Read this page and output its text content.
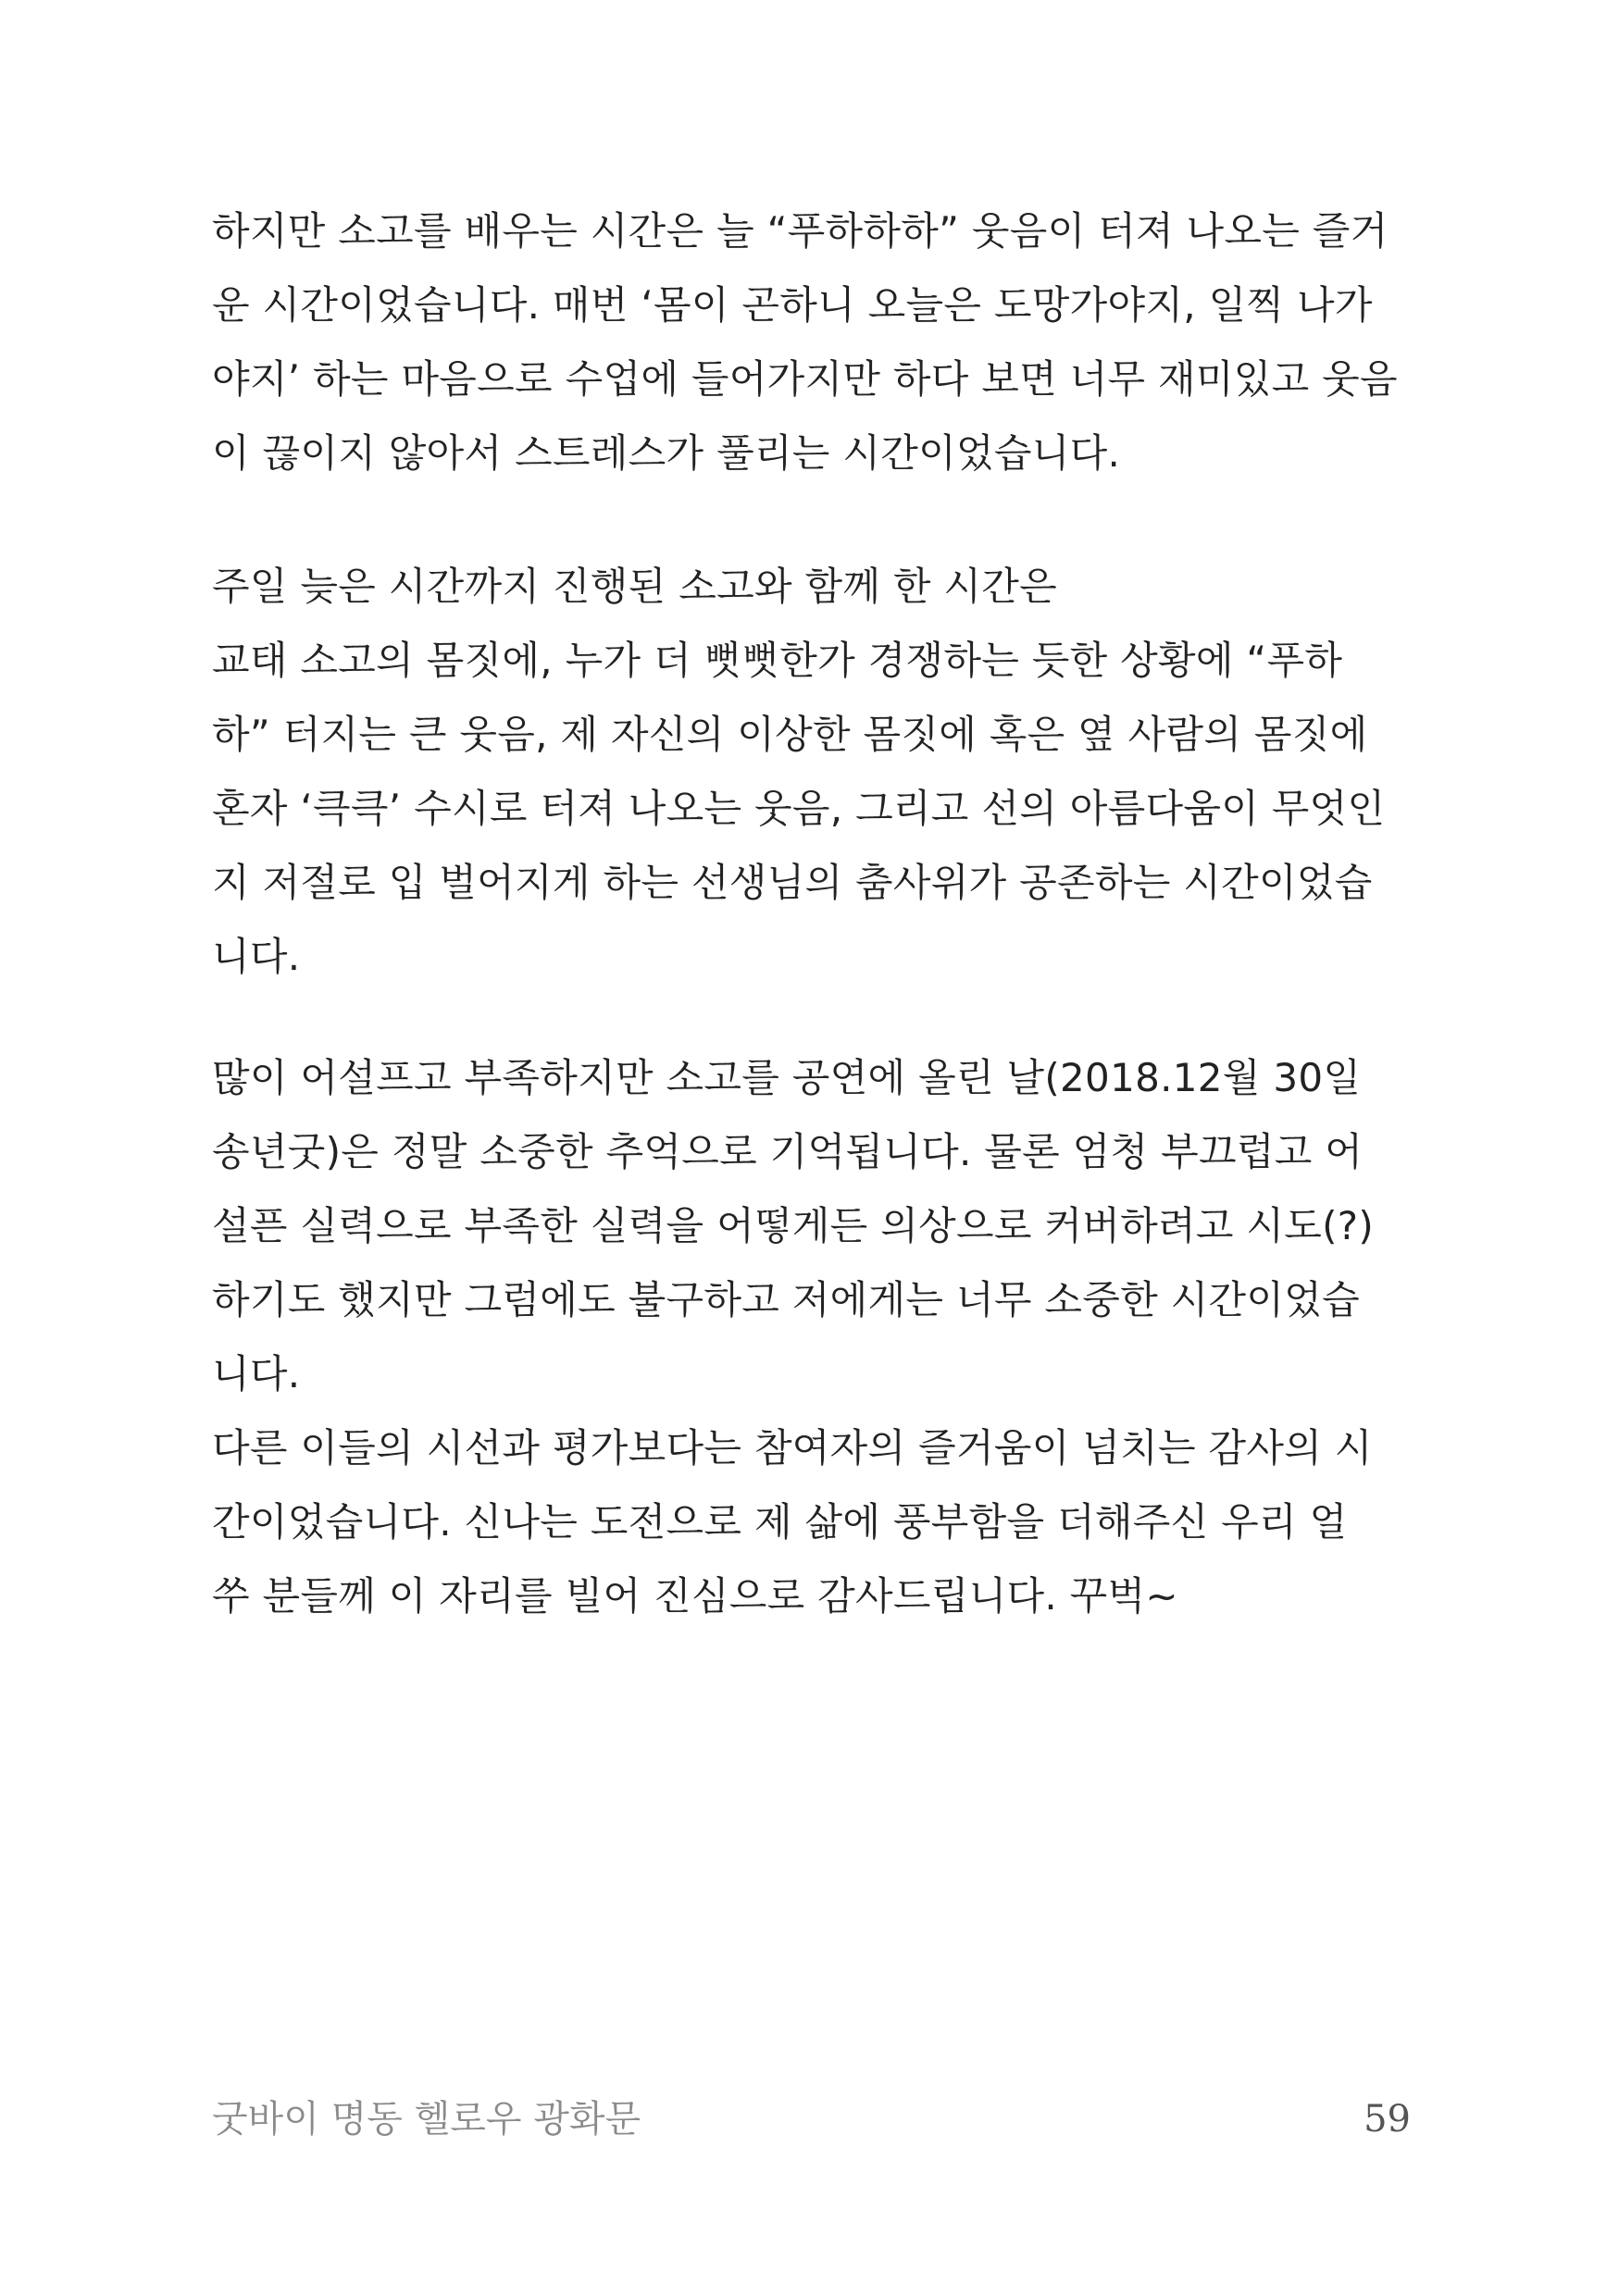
하지만 소고를 배우는 시간은 늘 “푸하하하” 웃음이 터져 나오는 즐거
운 시간이었습니다. 매번 ‘몸이 곤하니 오늘은 도망가야지, 일찍 나가
야지’ 하는 마음으로 수업에 들어가지만 하다 보면 너무 재미있고 웃음
이 끊이지 않아서 스트레스가 풀리는 시간이었습니다.
주일 늦은 시간까지 진행된 소고와 함께 한 시간은
교태 소고의 몸짓에, 누가 더 뻣뻣한가 경쟁하는 듯한 상황에 “푸하
하” 터지는 큰 웃음, 제 자신의 이상한 몸짓에 혹은 옆 사람의 몸짓에
혼자 ‘큭큭’ 수시로 터져 나오는 웃음, 그리고 선의 아름다움이 무엇인
지 저절로 입 벌어지게 하는 선생님의 춤사위가 공존하는 시간이었습
니다.
많이 어설프고 부족하지만 소고를 공연에 올린 날(2018.12월 30일
송년굿)은 정말 소중한 추억으로 기억됩니다. 물론 엄청 부끄럽고 어
설픈 실력으로 부족한 실력을 어떻게든 의상으로 커버하려고 시도(?)
하기도 했지만 그럼에도 불구하고 저에게는 너무 소중한 시간이었습
니다.
다른 이들의 시선과 평가보다는 참여자의 즐거움이 넘치는 감사의 시
간이었습니다. 신나는 도전으로 제 삶에 풍부함을 더해주신 우리 얼
쑤 분들께 이 자리를 빌어 진심으로 감사드립니다. 꾸벅~
굿바이 명동 헬로우 광화문	59
